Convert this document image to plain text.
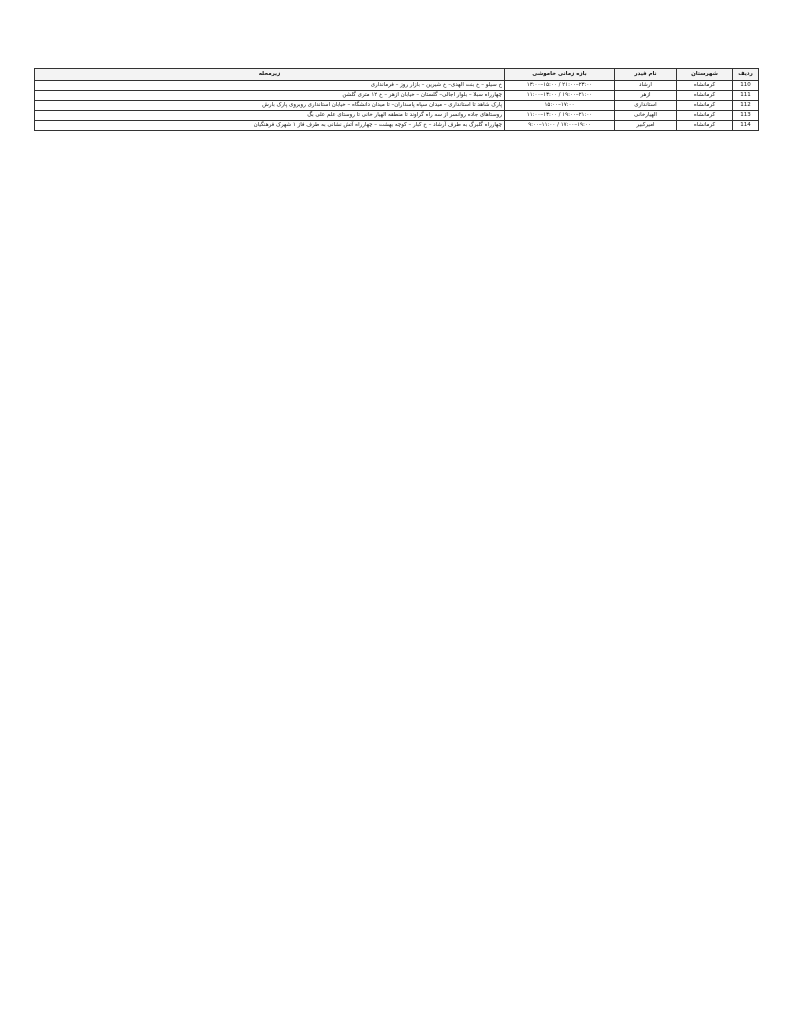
رديف	شهرستان	نام فيدر	بازه زمانی خاموشی	زيرمحله
110	کرمانشاه	ارشاد	۱۳:۰۰–۱۵:۰۰ / ۲۱:۰۰–۲۳:۰۰	خ سيلو – خ بنت الهدی– خ شيرين – بازار روز – فرمانداری
111	کرمانشاه	ازهر	۱۱:۰۰–۱۳:۰۰ / ۱۹:۰۰–۲۱:۰۰	چهارراه سبلا – بلوار اجالی– گلستان – خيابان ازهر – خ ۱۲ متری گلشن
112	کرمانشاه	استانداری	۱۵:۰۰–۱۷:۰۰	پارک شاهد تا استانداری – ميدان سپاه پاسداران– تا ميدان دانشگاه – خيابان استانداری روبروی پارک بارش
113	کرمانشاه	الهيارخانی	۱۱:۰۰–۱۳:۰۰ / ۱۹:۰۰–۲۱:۰۰	روستاهای جاده روانسر از سه راه گراوند تا منطقه الهيار خانی تا روستای علم علی بگ
114	کرمانشاه	اميرکبير	۹:۰۰–۱۱:۰۰ / ۱۷:۰۰–۱۹:۰۰	چهارراه گلبرگ به طرف آرشاد – خ کبار – کوچه بهشت – چهارراه آتش نشانی به طرف فاز ۱ شهرک فرهنگيان
